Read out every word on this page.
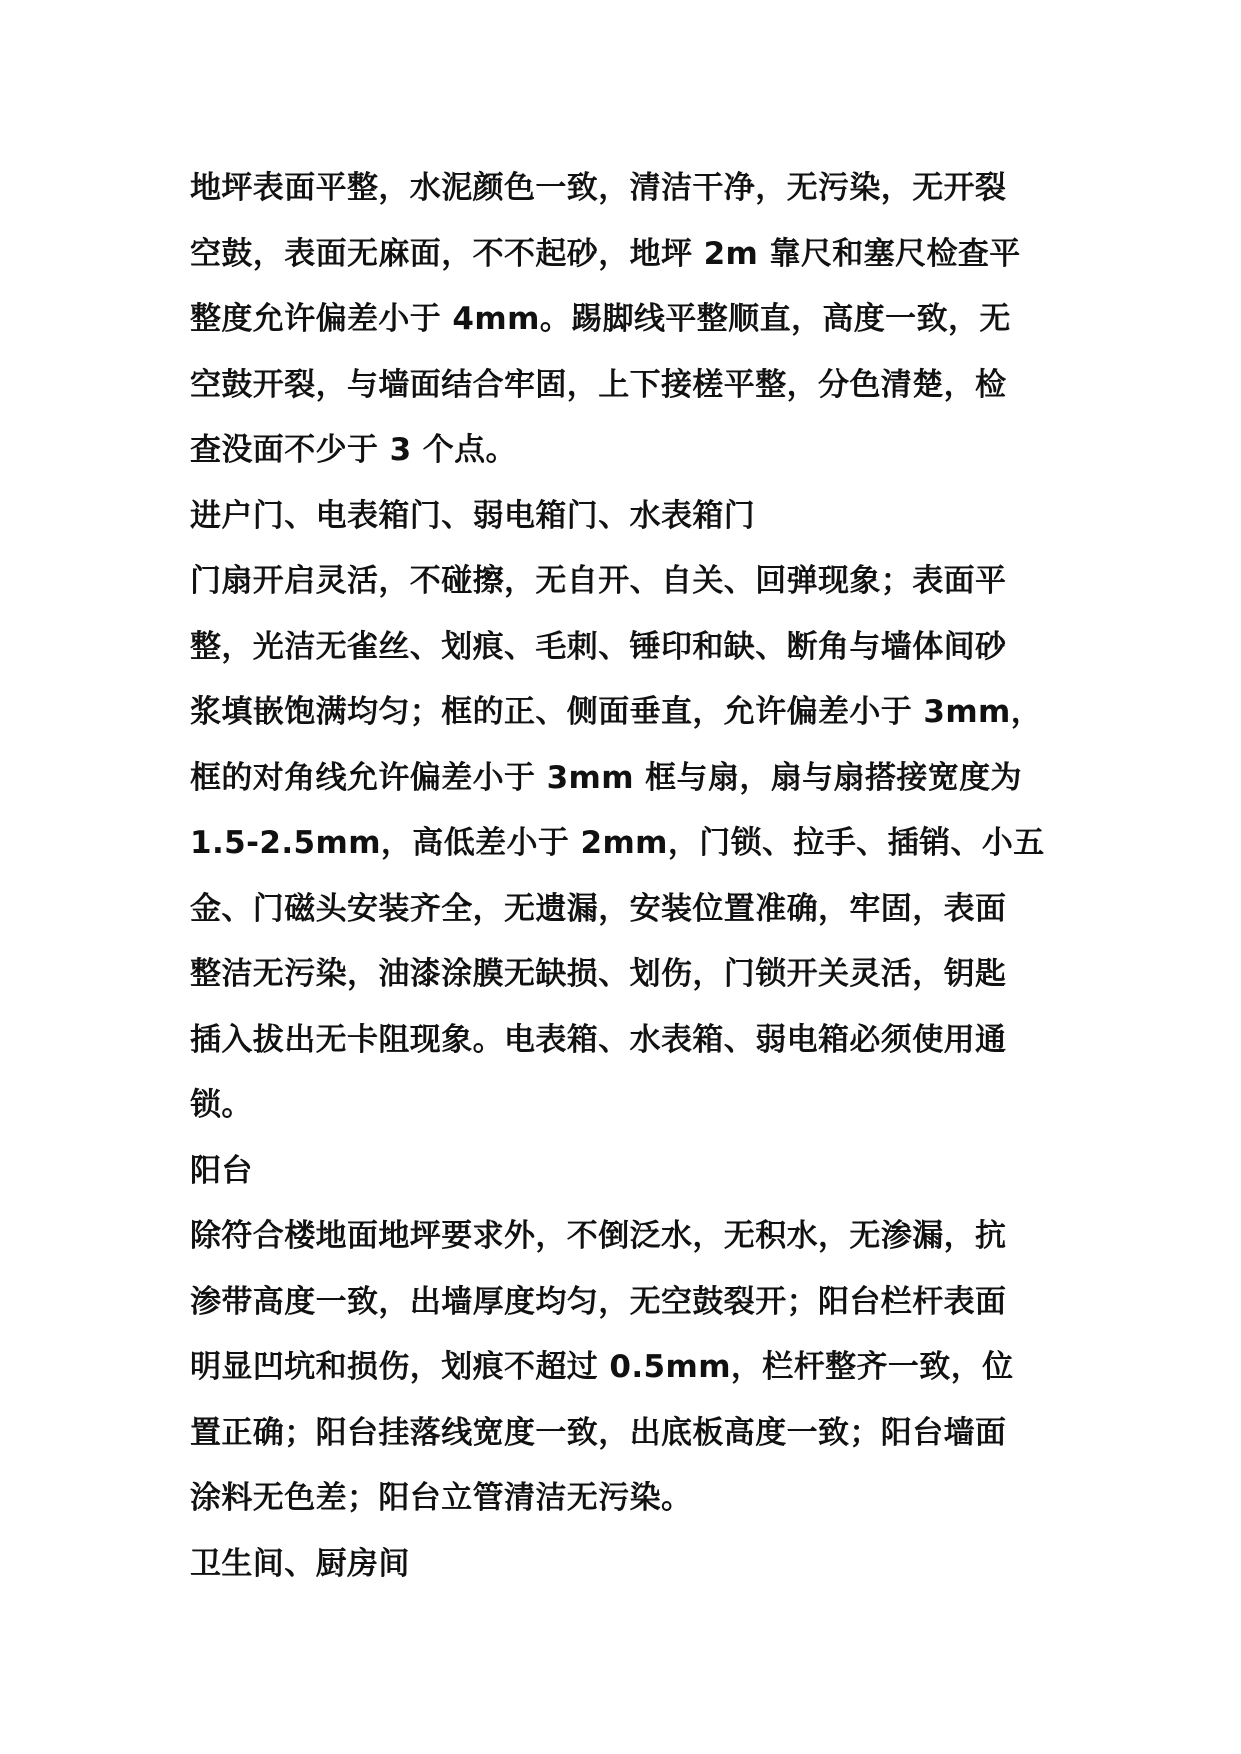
地坪表面平整，水泥颜色一致，清洁干净，无污染，无开裂
空鼓，表面无麻面，不不起砂，地坪 2m 靠尺和塞尺检查平
整度允许偏差小于 4mm。踢脚线平整顺直，高度一致，无
空鼓开裂，与墙面结合牢固，上下接槎平整，分色清楚，检
查没面不少于 3 个点。
进户门、电表箱门、弱电箱门、水表箱门
门扇开启灵活，不碰擦，无自开、自关、回弹现象；表面平
整，光洁无雀丝、划痕、毛刺、锤印和缺、断角与墙体间砂
浆填嵌饱满均匀；框的正、侧面垂直，允许偏差小于 3mm，
框的对角线允许偏差小于 3mm 框与扇，扇与扇搭接宽度为
1.5-2.5mm，高低差小于 2mm，门锁、拉手、插销、小五
金、门磁头安装齐全，无遗漏，安装位置准确，牢固，表面
整洁无污染，油漆涂膜无缺损、划伤，门锁开关灵活，钥匙
插入拔出无卡阻现象。电表箱、水表箱、弱电箱必须使用通
锁。
阳台
除符合楼地面地坪要求外，不倒泛水，无积水，无渗漏，抗
渗带高度一致，出墙厚度均匀，无空鼓裂开；阳台栏杆表面
明显凹坑和损伤，划痕不超过 0.5mm，栏杆整齐一致，位
置正确；阳台挂落线宽度一致，出底板高度一致；阳台墙面
涂料无色差；阳台立管清洁无污染。
卫生间、厨房间
